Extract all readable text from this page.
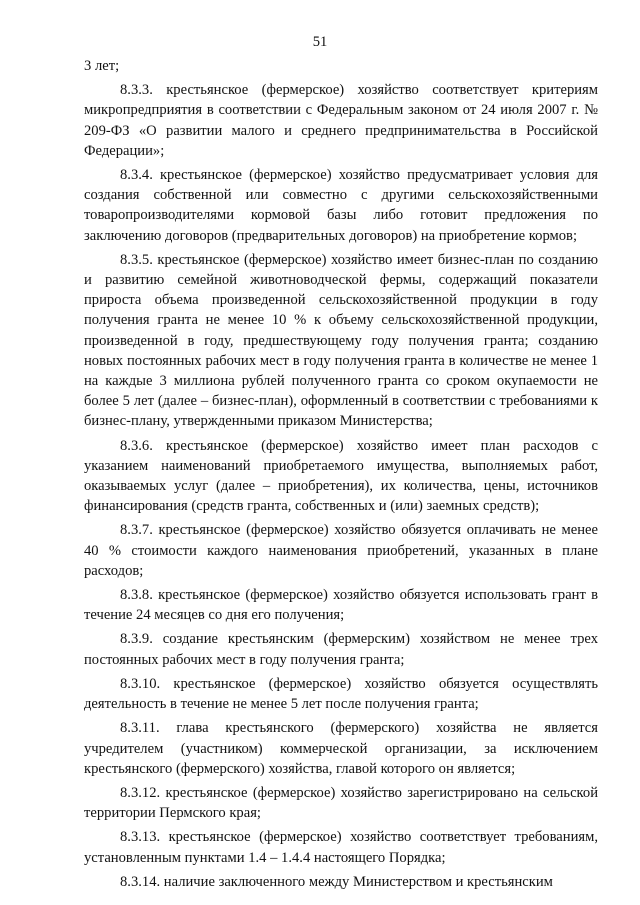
51

3 лет;

8.3.3. крестьянское (фермерское) хозяйство соответствует критериям микропредприятия в соответствии с Федеральным законом от 24 июля 2007 г. № 209-ФЗ «О развитии малого и среднего предпринимательства в Российской Федерации»;

8.3.4. крестьянское (фермерское) хозяйство предусматривает условия для создания собственной или совместно с другими сельскохозяйственными товаропроизводителями кормовой базы либо готовит предложения по заключению договоров (предварительных договоров) на приобретение кормов;

8.3.5. крестьянское (фермерское) хозяйство имеет бизнес-план по созданию и развитию семейной животноводческой фермы, содержащий показатели прироста объема произведенной сельскохозяйственной продукции в году получения гранта не менее 10 % к объему сельскохозяйственной продукции, произведенной в году, предшествующему году получения гранта; созданию новых постоянных рабочих мест в году получения гранта в количестве не менее 1 на каждые 3 миллиона рублей полученного гранта со сроком окупаемости не более 5 лет (далее – бизнес-план), оформленный в соответствии с требованиями к бизнес-плану, утвержденными приказом Министерства;

8.3.6. крестьянское (фермерское) хозяйство имеет план расходов с указанием наименований приобретаемого имущества, выполняемых работ, оказываемых услуг (далее – приобретения), их количества, цены, источников финансирования (средств гранта, собственных и (или) заемных средств);

8.3.7. крестьянское (фермерское) хозяйство обязуется оплачивать не менее 40 % стоимости каждого наименования приобретений, указанных в плане расходов;

8.3.8. крестьянское (фермерское) хозяйство обязуется использовать грант в течение 24 месяцев со дня его получения;

8.3.9. создание крестьянским (фермерским) хозяйством не менее трех постоянных рабочих мест в году получения гранта;

8.3.10. крестьянское (фермерское) хозяйство обязуется осуществлять деятельность в течение не менее 5 лет после получения гранта;

8.3.11. глава крестьянского (фермерского) хозяйства не является учредителем (участником) коммерческой организации, за исключением крестьянского (фермерского) хозяйства, главой которого он является;

8.3.12. крестьянское (фермерское) хозяйство зарегистрировано на сельской территории Пермского края;

8.3.13. крестьянское (фермерское) хозяйство соответствует требованиям, установленным пунктами 1.4 – 1.4.4 настоящего Порядка;

8.3.14. наличие заключенного между Министерством и крестьянским
